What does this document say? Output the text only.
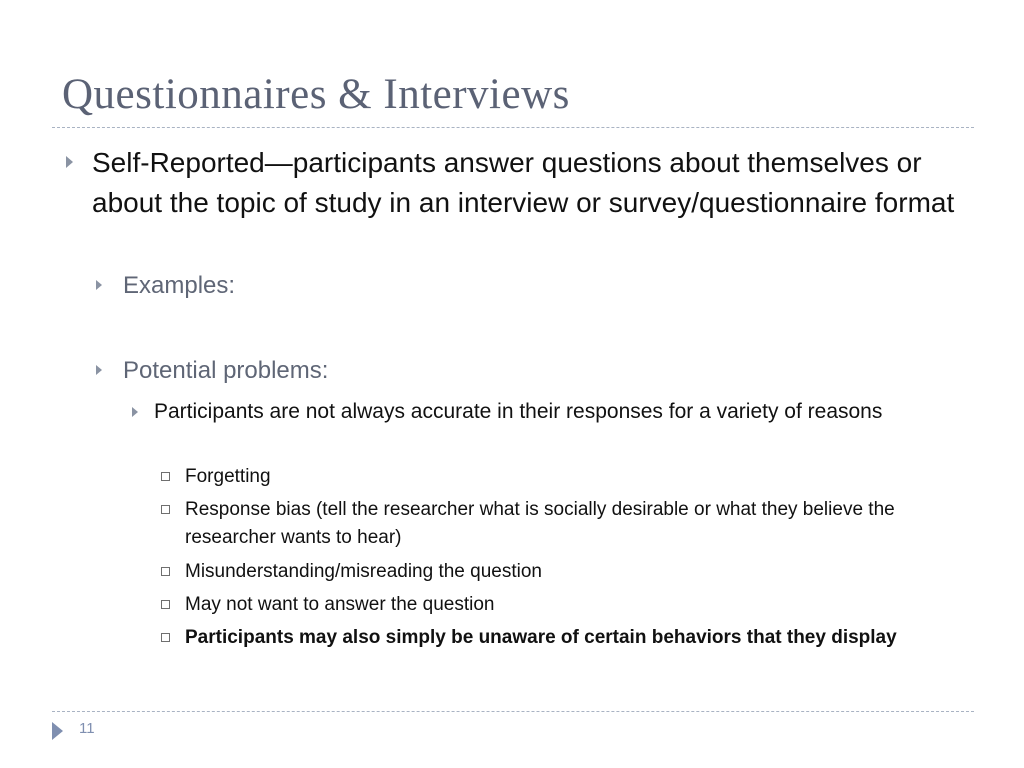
Questionnaires & Interviews
Self-Reported—participants answer questions about themselves or about the topic of study in an interview or survey/questionnaire format
Examples:
Potential problems:
Participants are not always accurate in their responses for a variety of reasons
Forgetting
Response bias (tell the researcher what is socially desirable or what they believe the researcher wants to hear)
Misunderstanding/misreading the question
May not want to answer the question
Participants may also simply be unaware of certain behaviors that they display
11
